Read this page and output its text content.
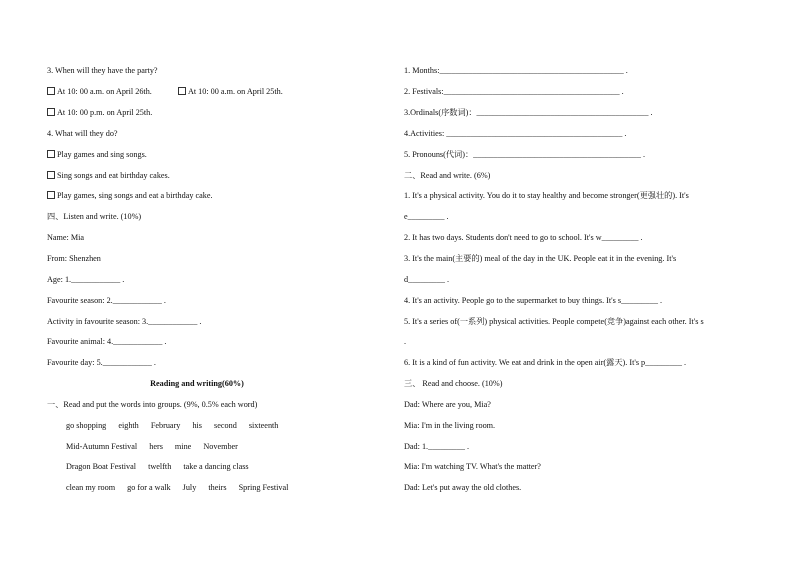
3. When will they have the party?
At 10: 00 a.m. on April 26th.	At 10: 00 a.m. on April 25th.
At 10: 00 p.m. on April 25th.
4. What will they do?
Play games and sing songs.
Sing songs and eat birthday cakes.
Play games, sing songs and eat a birthday cake.
四、Listen and write. (10%)
Name: Mia
From: Shenzhen
Age: 1.____________ .
Favourite season: 2.____________ .
Activity in favourite season: 3.____________ .
Favourite animal: 4.____________ .
Favourite day: 5.____________ .
Reading and writing(60%)
一、Read and put the words into groups. (9%, 0.5% each word)
go shopping eighth February his second sixteenth
Mid-Autumn Festival hers mine November
Dragon Boat Festival twelfth take a dancing class
clean my room go for a walk July theirs Spring Festival
1. Months:_____________________________________________ .
2. Festivals:___________________________________________ .
3.Ordinals(序数词)：__________________________________________ .
4.Activities: ___________________________________________ .
5. Pronouns(代词)：_________________________________________ .
二、Read and write. (6%)
1. It's a physical activity. You do it to stay healthy and become stronger(更强壮的). It's
e_________ .
2. It has two days. Students don't need to go to school. It's w_________ .
3. It's the main(主要的) meal of the day in the UK. People eat it in the evening. It's
d_________ .
4. It's an activity. People go to the supermarket to buy things. It's s_________ .
5. It's a series of(一系列) physical activities. People compete(竞争)against each other. It's s
.
6. It is a kind of fun activity. We eat and drink in the open air(露天). It's p_________ .
三、 Read and choose. (10%)
Dad: Where are you, Mia?
Mia: I'm in the living room.
Dad: 1._________ .
Mia: I'm watching TV. What's the matter?
Dad: Let's put away the old clothes.
